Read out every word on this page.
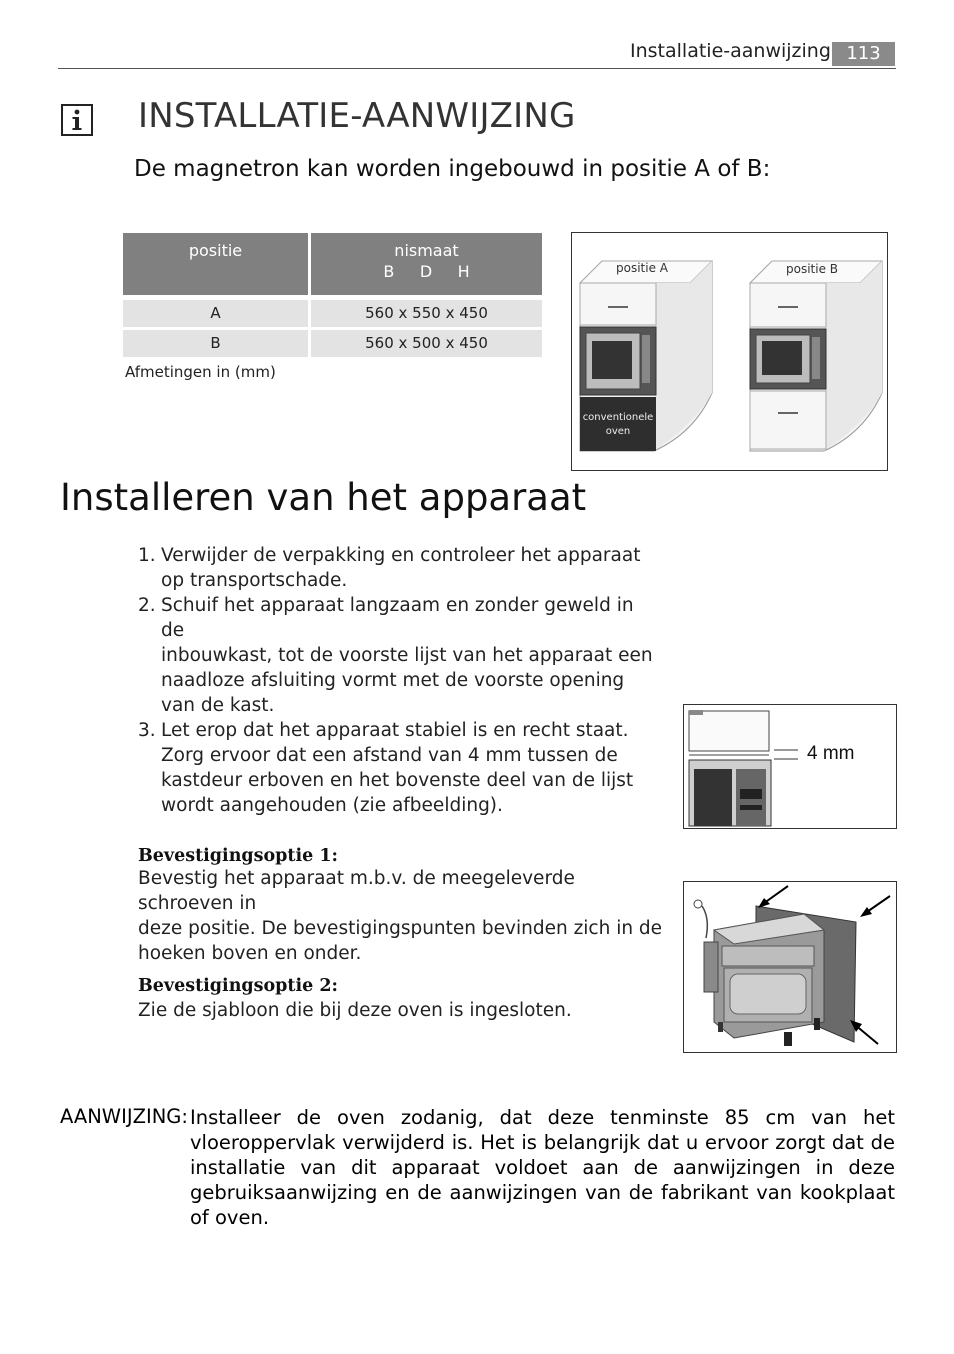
Installatie-aanwijzing 113
INSTALLATIE-AANWIJZING
De magnetron kan worden ingebouwd in positie A of B:
positie	nismaat
B     D     H
A	560 x 550 x 450
B	560 x 500 x 450
Afmetingen in (mm)
positie A	positie B
conventionele
oven
Installeren van het apparaat
1. Verwijder de verpakking en controleer het apparaat
op transportschade.
2. Schuif het apparaat langzaam en zonder geweld in de
inbouwkast, tot de voorste lijst van het apparaat een
naadloze afsluiting vormt met de voorste opening
van de kast.
3. Let erop dat het apparaat stabiel is en recht staat.
Zorg ervoor dat een afstand van 4 mm tussen de
kastdeur erboven en het bovenste deel van de lijst
wordt aangehouden (zie afbeelding).
4 mm
Bevestigingsoptie 1:
Bevestig het apparaat m.b.v. de meegeleverde schroeven in
deze positie. De bevestigingspunten bevinden zich in de
hoeken boven en onder.
Bevestigingsoptie 2:
Zie de sjabloon die bij deze oven is ingesloten.
AANWIJZING: Installeer de oven zodanig, dat deze tenminste 85 cm van het vloeroppervlak verwijderd is. Het is belangrijk dat u ervoor zorgt dat de installatie van dit apparaat voldoet aan de aanwijzingen in deze gebruiksaanwijzing en de aanwijzingen van de fabrikant van kookplaat of oven.
